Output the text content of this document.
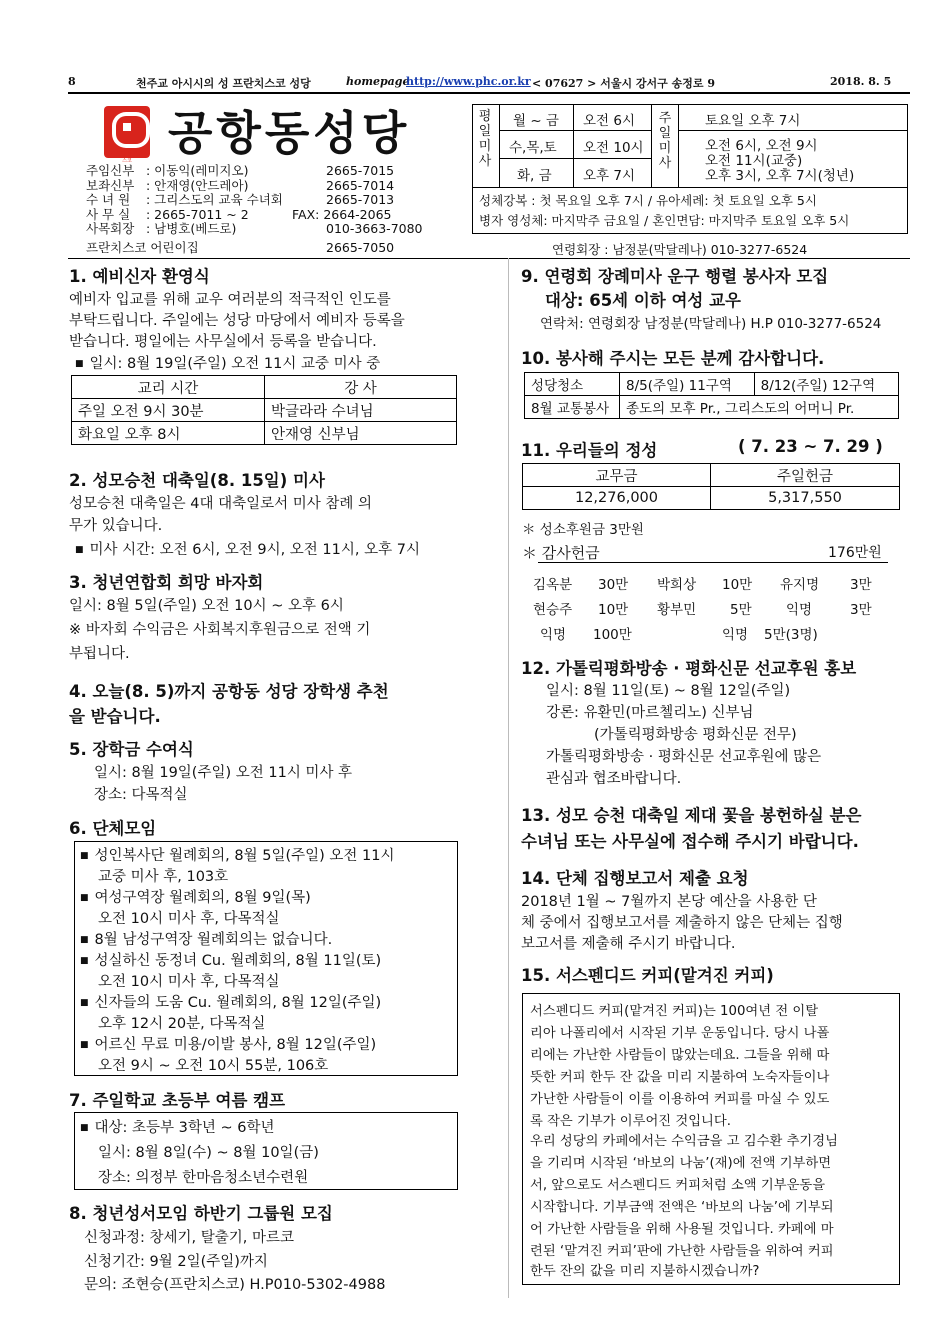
8	천주교 아시시의 성 프란치스코 성당	homepage
http://www.phc.or.kr < 07627 > 서울시 강서구 송정로 9	2018. 8. 5
아시시의 성 프란치스코
공항동성당
주임신부 : 이동익(레미지오)	2665-7015
보좌신부 : 안재영(안드레아)	2665-7014
수 녀 원 : 그리스도의 교육 수녀회	2665-7013
사 무 실 : 2665-7011 ~ 2	FAX: 2664-2065
사목회장 : 남병호(베드로)	010-3663-7080
프란치스코 어린이집	2665-7050
평
일
미
사
월 ~ 금 오전 6시
수,목,토 오전 10시
화, 금 오후 7시
주
일
미
사
토요일 오후 7시
오전 6시, 오전 9시
오전 11시(교중)
오후 3시, 오후 7시(청년)
성체강복 : 첫 목요일 오후 7시 / 유아세례: 첫 토요일 오후 5시
병자 영성체: 마지막주 금요일 / 혼인면담: 마지막주 토요일 오후 5시
연령회장 : 남정분(막달레나) 010-3277-6524
1. 예비신자 환영식
예비자 입교를 위해 교우 여러분의 적극적인 인도를
부탁드립니다. 주일에는 성당 마당에서 예비자 등록을
받습니다. 평일에는 사무실에서 등록을 받습니다.
■ 일시: 8월 19일(주일) 오전 11시 교중 미사 중
교리 시간	강 사
주일 오전 9시 30분	박글라라 수녀님
화요일 오후 8시	안재영 신부님
2. 성모승천 대축일(8. 15일) 미사
성모승천 대축일은 4대 대축일로서 미사 참례 의
무가 있습니다.
■ 미사 시간: 오전 6시, 오전 9시, 오전 11시, 오후 7시
3. 청년연합회 희망 바자회
일시: 8월 5일(주일) 오전 10시 ~ 오후 6시
※ 바자회 수익금은 사회복지후원금으로 전액 기
부됩니다.
4. 오늘(8. 5)까지 공항동 성당 장학생 추천
을 받습니다.
5. 장학금 수여식
일시: 8월 19일(주일) 오전 11시 미사 후
장소: 다목적실
6. 단체모임
■ 성인복사단 월례회의, 8월 5일(주일) 오전 11시
교중 미사 후, 103호
■ 여성구역장 월례회의, 8월 9일(목)
오전 10시 미사 후, 다목적실
■ 8월 남성구역장 월례회의는 없습니다.
■ 성실하신 동정녀 Cu. 월례회의, 8월 11일(토)
오전 10시 미사 후, 다목적실
■ 신자들의 도움 Cu. 월례회의, 8월 12일(주일)
오후 12시 20분, 다목적실
■ 어르신 무료 미용/이발 봉사, 8월 12일(주일)
오전 9시 ~ 오전 10시 55분, 106호
7. 주일학교 초등부 여름 캠프
■ 대상: 초등부 3학년 ~ 6학년
일시: 8월 8일(수) ~ 8월 10일(금)
장소: 의정부 한마음청소년수련원
8. 청년성서모임 하반기 그룹원 모집
신청과정: 창세기, 탈출기, 마르코
신청기간: 9월 2일(주일)까지
문의: 조현승(프란치스코) H.P010-5302-4988
9. 연령회 장례미사 운구 행렬 봉사자 모집
대상: 65세 이하 여성 교우
연락처: 연령회장 남정분(막달레나) H.P 010-3277-6524
10. 봉사해 주시는 모든 분께 감사합니다.
성당청소	8/5(주일) 11구역	8/12(주일) 12구역
8월 교통봉사	종도의 모후 Pr., 그리스도의 어머니 Pr.	
11. 우리들의 정성	( 7. 23 ~ 7. 29 )
교무금	주일헌금
12,276,000	5,317,550
＊ 성소후원금 3만원
＊ 감사헌금	176만원
김옥분 30만 박희상 10만 유지명 3만
현승주 10만 황부민	5만	익명	3만
익명 100만	익명 5만(3명)
12. 가톨릭평화방송 · 평화신문 선교후원 홍보
일시: 8월 11일(토) ~ 8월 12일(주일)
강론: 유환민(마르첼리노) 신부님
(가톨릭평화방송 평화신문 전무)
가톨릭평화방송 · 평화신문 선교후원에 많은
관심과 협조바랍니다.
13. 성모 승천 대축일 제대 꽃을 봉헌하실 분은
수녀님 또는 사무실에 접수해 주시기 바랍니다.
14. 단체 집행보고서 제출 요청
2018년 1월 ~ 7월까지 본당 예산을 사용한 단
체 중에서 집행보고서를 제출하지 않은 단체는 집행
보고서를 제출해 주시기 바랍니다.
15. 서스펜디드 커피(맡겨진 커피)
서스펜디드 커피(맡겨진 커피)는 100여년 전 이탈
리아 나폴리에서 시작된 기부 운동입니다. 당시 나폴
리에는 가난한 사람들이 많았는데요. 그들을 위해 따
뜻한 커피 한두 잔 값을 미리 지불하여 노숙자들이나
가난한 사람들이 이를 이용하여 커피를 마실 수 있도
록 작은 기부가 이루어진 것입니다.
우리 성당의 카페에서는 수익금을 고 김수환 추기경님
을 기리며 시작된 ‘바보의 나눔’(재)에 전액 기부하면
서, 앞으로도 서스펜디드 커피처럼 소액 기부운동을
시작합니다. 기부금액 전액은 ‘바보의 나눔’에 기부되
어 가난한 사람들을 위해 사용될 것입니다. 카페에 마
련된 ‘맡겨진 커피’판에 가난한 사람들을 위하여 커피
한두 잔의 값을 미리 지불하시겠습니까?
